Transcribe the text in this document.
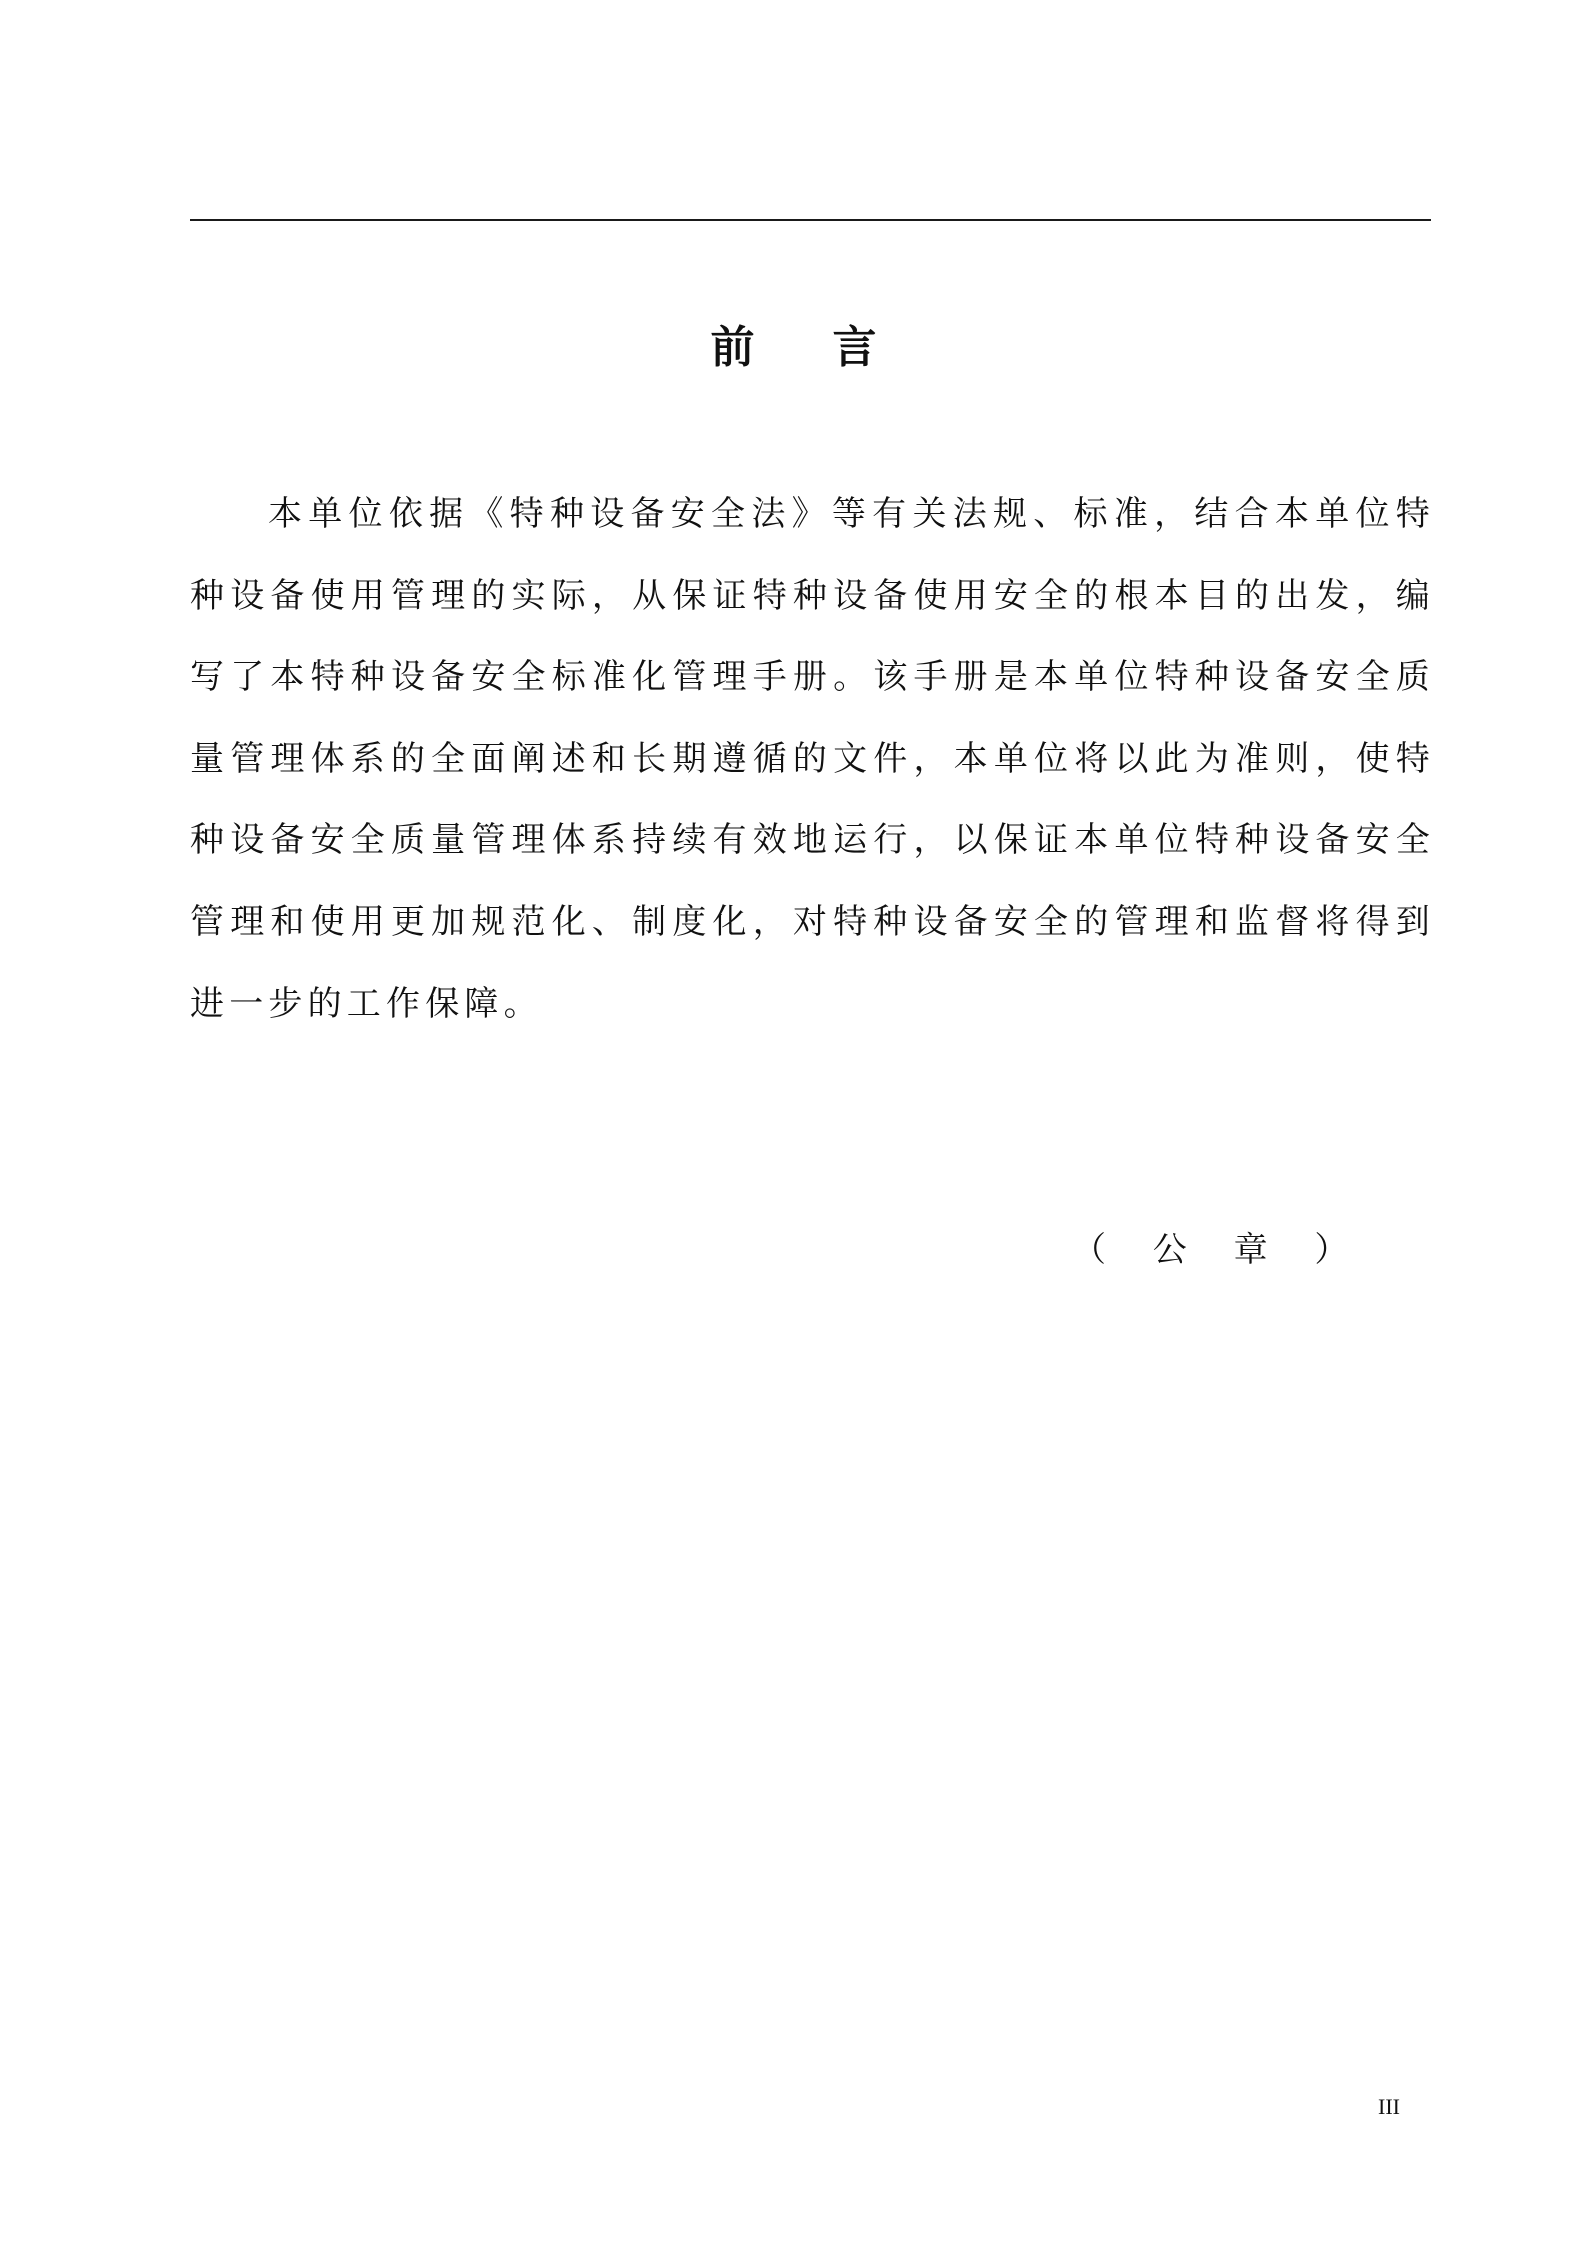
前 言

本单位依据《特种设备安全法》等有关法规、标准，结合本单位特种设备使用管理的实际，从保证特种设备使用安全的根本目的出发，编写了本特种设备安全标准化管理手册。该手册是本单位特种设备安全质量管理体系的全面阐述和长期遵循的文件，本单位将以此为准则，使特种设备安全质量管理体系持续有效地运行，以保证本单位特种设备安全管理和使用更加规范化、制度化，对特种设备安全的管理和监督将得到进一步的工作保障。

（ 公 章 ）
III
